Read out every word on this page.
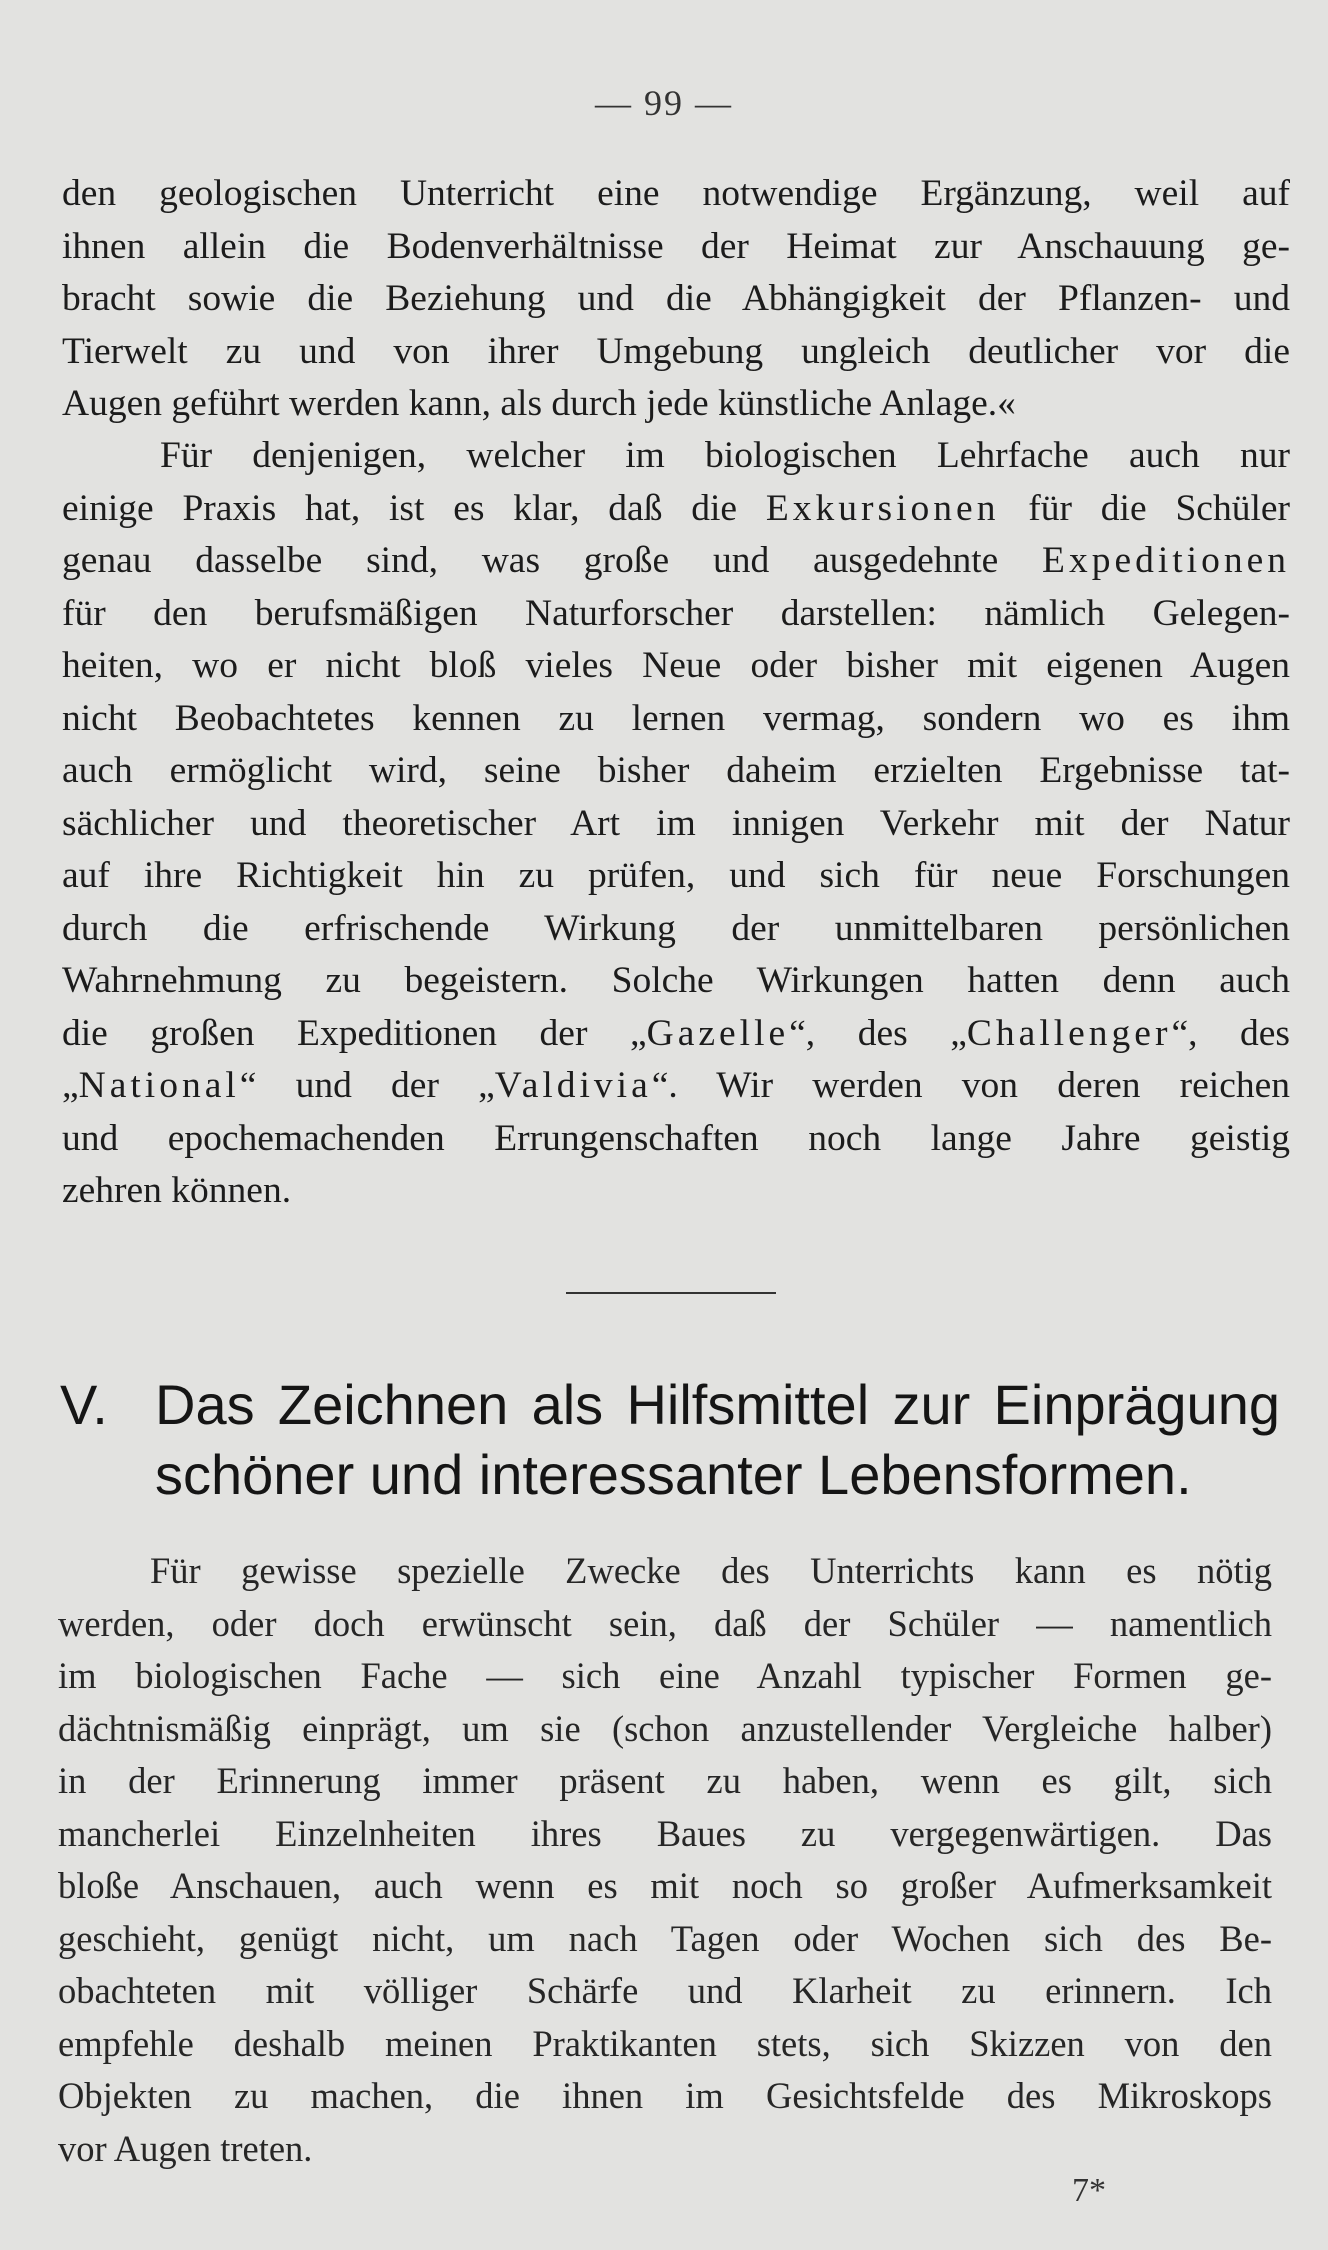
— 99 —
den geologischen Unterricht eine notwendige Ergänzung, weil auf
ihnen allein die Bodenverhältnisse der Heimat zur Anschauung ge-
bracht sowie die Beziehung und die Abhängigkeit der Pflanzen- und
Tierwelt zu und von ihrer Umgebung ungleich deutlicher vor die
Augen geführt werden kann, als durch jede künstliche Anlage.«
Für denjenigen, welcher im biologischen Lehrfache auch nur
einige Praxis hat, ist es klar, daß die Exkursionen für die Schüler
genau dasselbe sind, was große und ausgedehnte Expeditionen
für den berufsmäßigen Naturforscher darstellen: nämlich Gelegen-
heiten, wo er nicht bloß vieles Neue oder bisher mit eigenen Augen
nicht Beobachtetes kennen zu lernen vermag, sondern wo es ihm
auch ermöglicht wird, seine bisher daheim erzielten Ergebnisse tat-
sächlicher und theoretischer Art im innigen Verkehr mit der Natur
auf ihre Richtigkeit hin zu prüfen, und sich für neue Forschungen
durch die erfrischende Wirkung der unmittelbaren persönlichen
Wahrnehmung zu begeistern. Solche Wirkungen hatten denn auch
die großen Expeditionen der „Gazelle“, des „Challenger“, des
„National“ und der „Valdivia“. Wir werden von deren reichen
und epochemachenden Errungenschaften noch lange Jahre geistig
zehren können.
V. Das Zeichnen als Hilfsmittel zur Einprägung
schöner und interessanter Lebensformen.
Für gewisse spezielle Zwecke des Unterrichts kann es nötig
werden, oder doch erwünscht sein, daß der Schüler — namentlich
im biologischen Fache — sich eine Anzahl typischer Formen ge-
dächtnismäßig einprägt, um sie (schon anzustellender Vergleiche halber)
in der Erinnerung immer präsent zu haben, wenn es gilt, sich
mancherlei Einzelnheiten ihres Baues zu vergegenwärtigen. Das
bloße Anschauen, auch wenn es mit noch so großer Aufmerksamkeit
geschieht, genügt nicht, um nach Tagen oder Wochen sich des Be-
obachteten mit völliger Schärfe und Klarheit zu erinnern. Ich
empfehle deshalb meinen Praktikanten stets, sich Skizzen von den
Objekten zu machen, die ihnen im Gesichtsfelde des Mikroskops
vor Augen treten.
7*
